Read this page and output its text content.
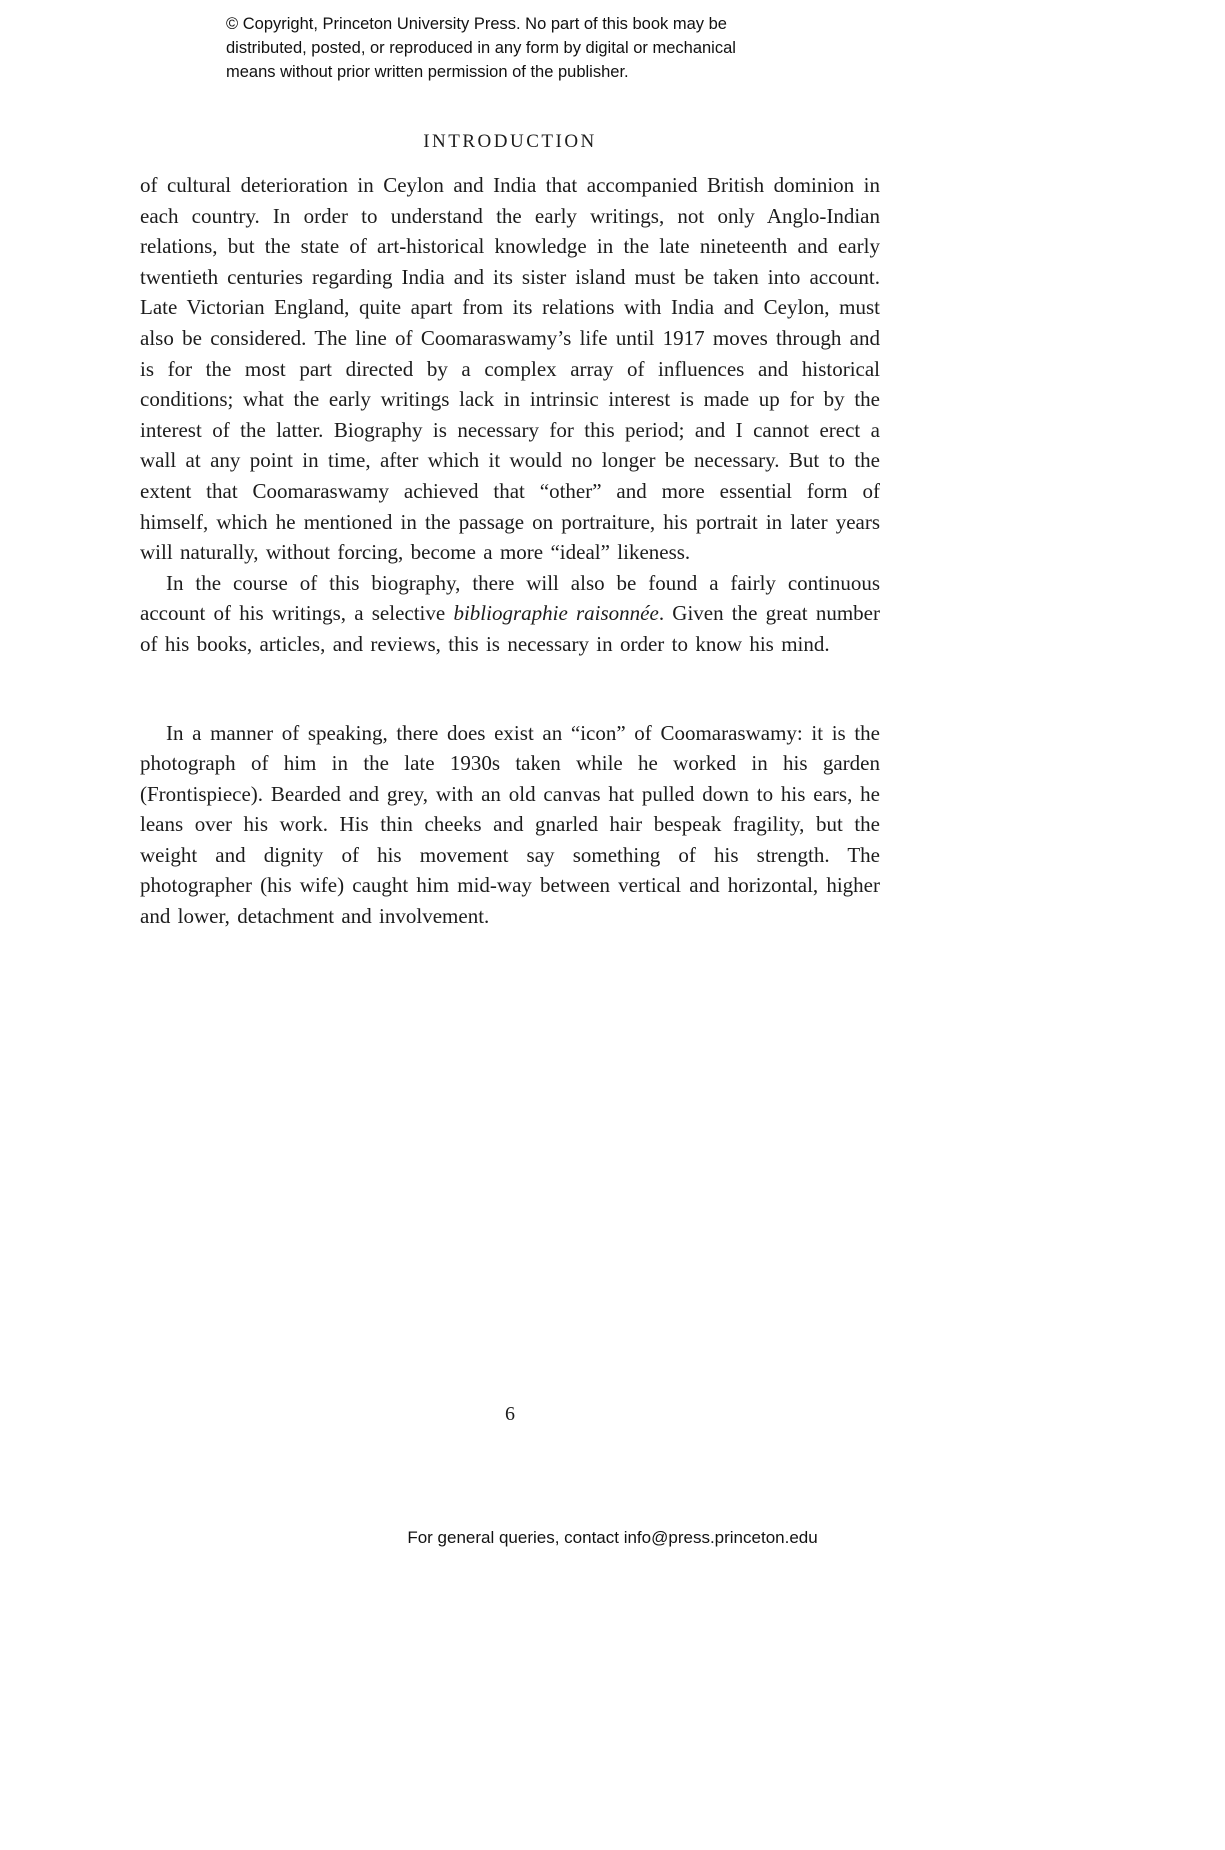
© Copyright, Princeton University Press. No part of this book may be
distributed, posted, or reproduced in any form by digital or mechanical
means without prior written permission of the publisher.
INTRODUCTION

of cultural deterioration in Ceylon and India that accompanied British dominion in each country. In order to understand the early writings, not only Anglo-Indian relations, but the state of art-historical knowledge in the late nineteenth and early twentieth centuries regarding India and its sister island must be taken into account. Late Victorian England, quite apart from its relations with India and Ceylon, must also be considered. The line of Coomaraswamy’s life until 1917 moves through and is for the most part directed by a complex array of influences and historical conditions; what the early writings lack in intrinsic interest is made up for by the interest of the latter. Biography is necessary for this period; and I cannot erect a wall at any point in time, after which it would no longer be necessary. But to the extent that Coomaraswamy achieved that “other” and more essential form of himself, which he mentioned in the passage on portraiture, his portrait in later years will naturally, without forcing, become a more “ideal” likeness.

In the course of this biography, there will also be found a fairly continuous account of his writings, a selective bibliographie raisonnée. Given the great number of his books, articles, and reviews, this is necessary in order to know his mind.

In a manner of speaking, there does exist an “icon” of Coomaraswamy: it is the photograph of him in the late 1930s taken while he worked in his garden (Frontispiece). Bearded and grey, with an old canvas hat pulled down to his ears, he leans over his work. His thin cheeks and gnarled hair bespeak fragility, but the weight and dignity of his movement say something of his strength. The photographer (his wife) caught him mid-way between vertical and horizontal, higher and lower, detachment and involvement.

6
For general queries, contact info@press.princeton.edu
